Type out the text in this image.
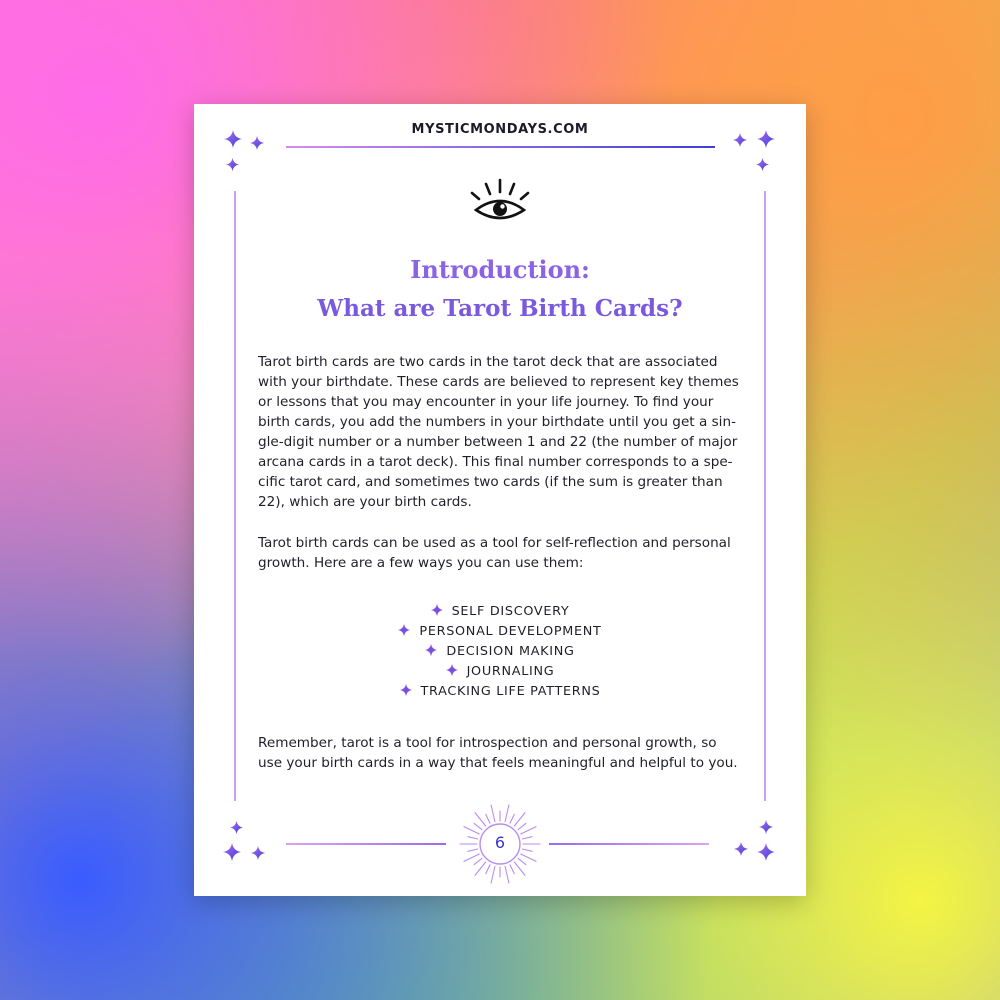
MYSTICMONDAYS.COM
Introduction:
What are Tarot Birth Cards?

Tarot birth cards are two cards in the tarot deck that are associated with your birthdate. These cards are believed to represent key themes or lessons that you may encounter in your life journey. To find your birth cards, you add the numbers in your birthdate until you get a sin-gle-digit number or a number between 1 and 22 (the number of major arcana cards in a tarot deck). This final number corresponds to a spe-cific tarot card, and sometimes two cards (if the sum is greater than 22), which are your birth cards.

Tarot birth cards can be used as a tool for self-reflection and personal growth. Here are a few ways you can use them:

SELF DISCOVERY
PERSONAL DEVELOPMENT
DECISION MAKING
JOURNALING
TRACKING LIFE PATTERNS

Remember, tarot is a tool for introspection and personal growth, so use your birth cards in a way that feels meaningful and helpful to you.

6
